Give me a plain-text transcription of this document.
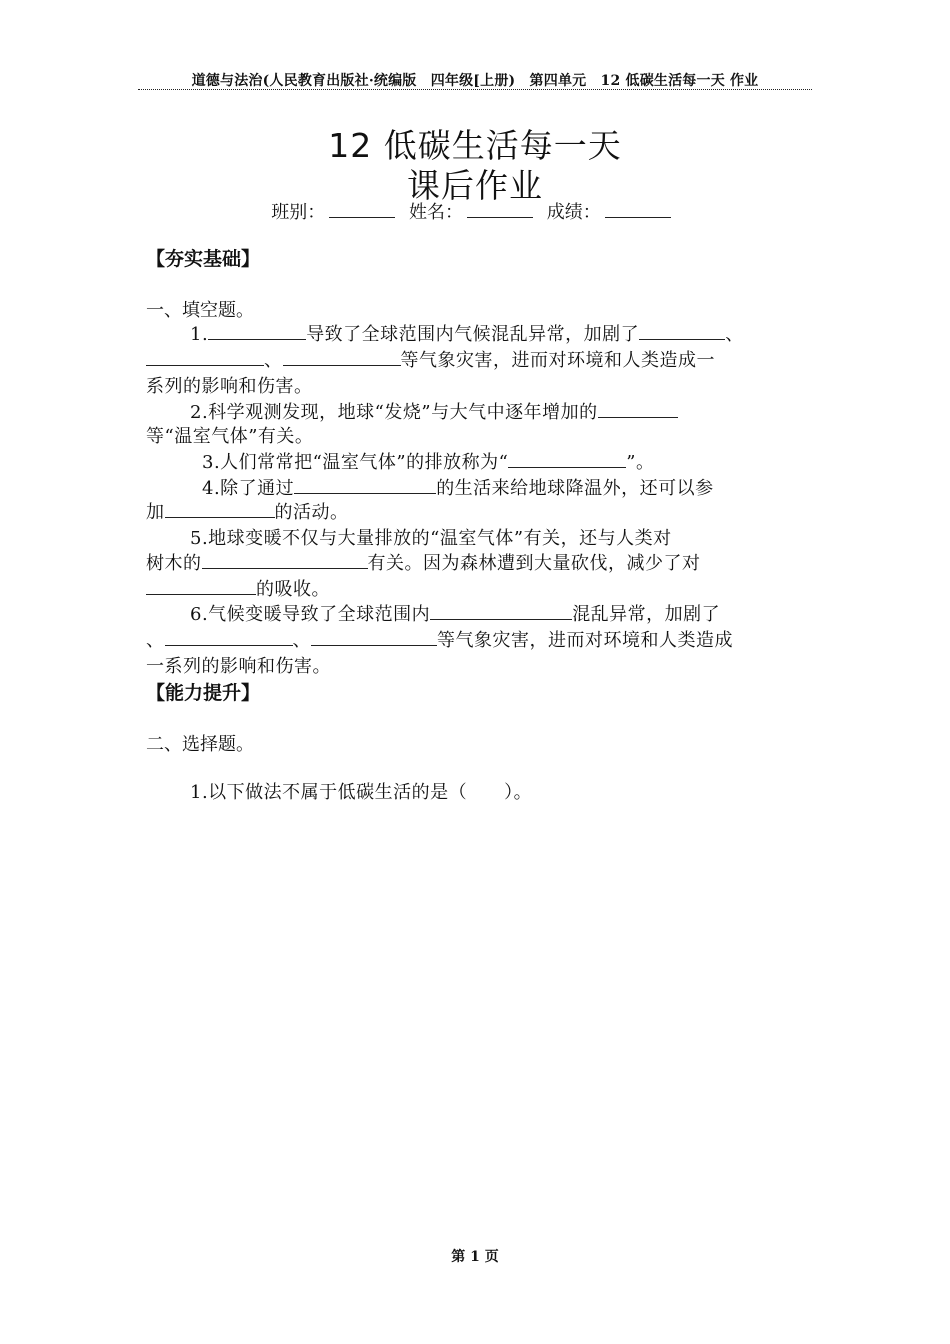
道德与法治(人民教育出版社·统编版　四年级[上册)　第四单元　12 低碳生活每一天 作业
12 低碳生活每一天
课后作业
班别：	姓名：	成绩：
【夯实基础】
一、填空题。
1.	导致了全球范围内气候混乱异常，加剧了	、
、	等气象灾害，进而对环境和人类造成一
系列的影响和伤害。
2.科学观测发现，地球“发烧”与大气中逐年增加的
等“温室气体”有关。
3.人们常常把“温室气体”的排放称为“	”。
4.除了通过	的生活来给地球降温外，还可以参
加	的活动。
5.地球变暖不仅与大量排放的“温室气体”有关，还与人类对
树木的	有关。因为森林遭到大量砍伐，减少了对
的吸收。
6.气候变暖导致了全球范围内	混乱异常，加剧了
、	、	等气象灾害，进而对环境和人类造成
一系列的影响和伤害。
【能力提升】
二、选择题。
1.以下做法不属于低碳生活的是（　　）。
第 1 页
